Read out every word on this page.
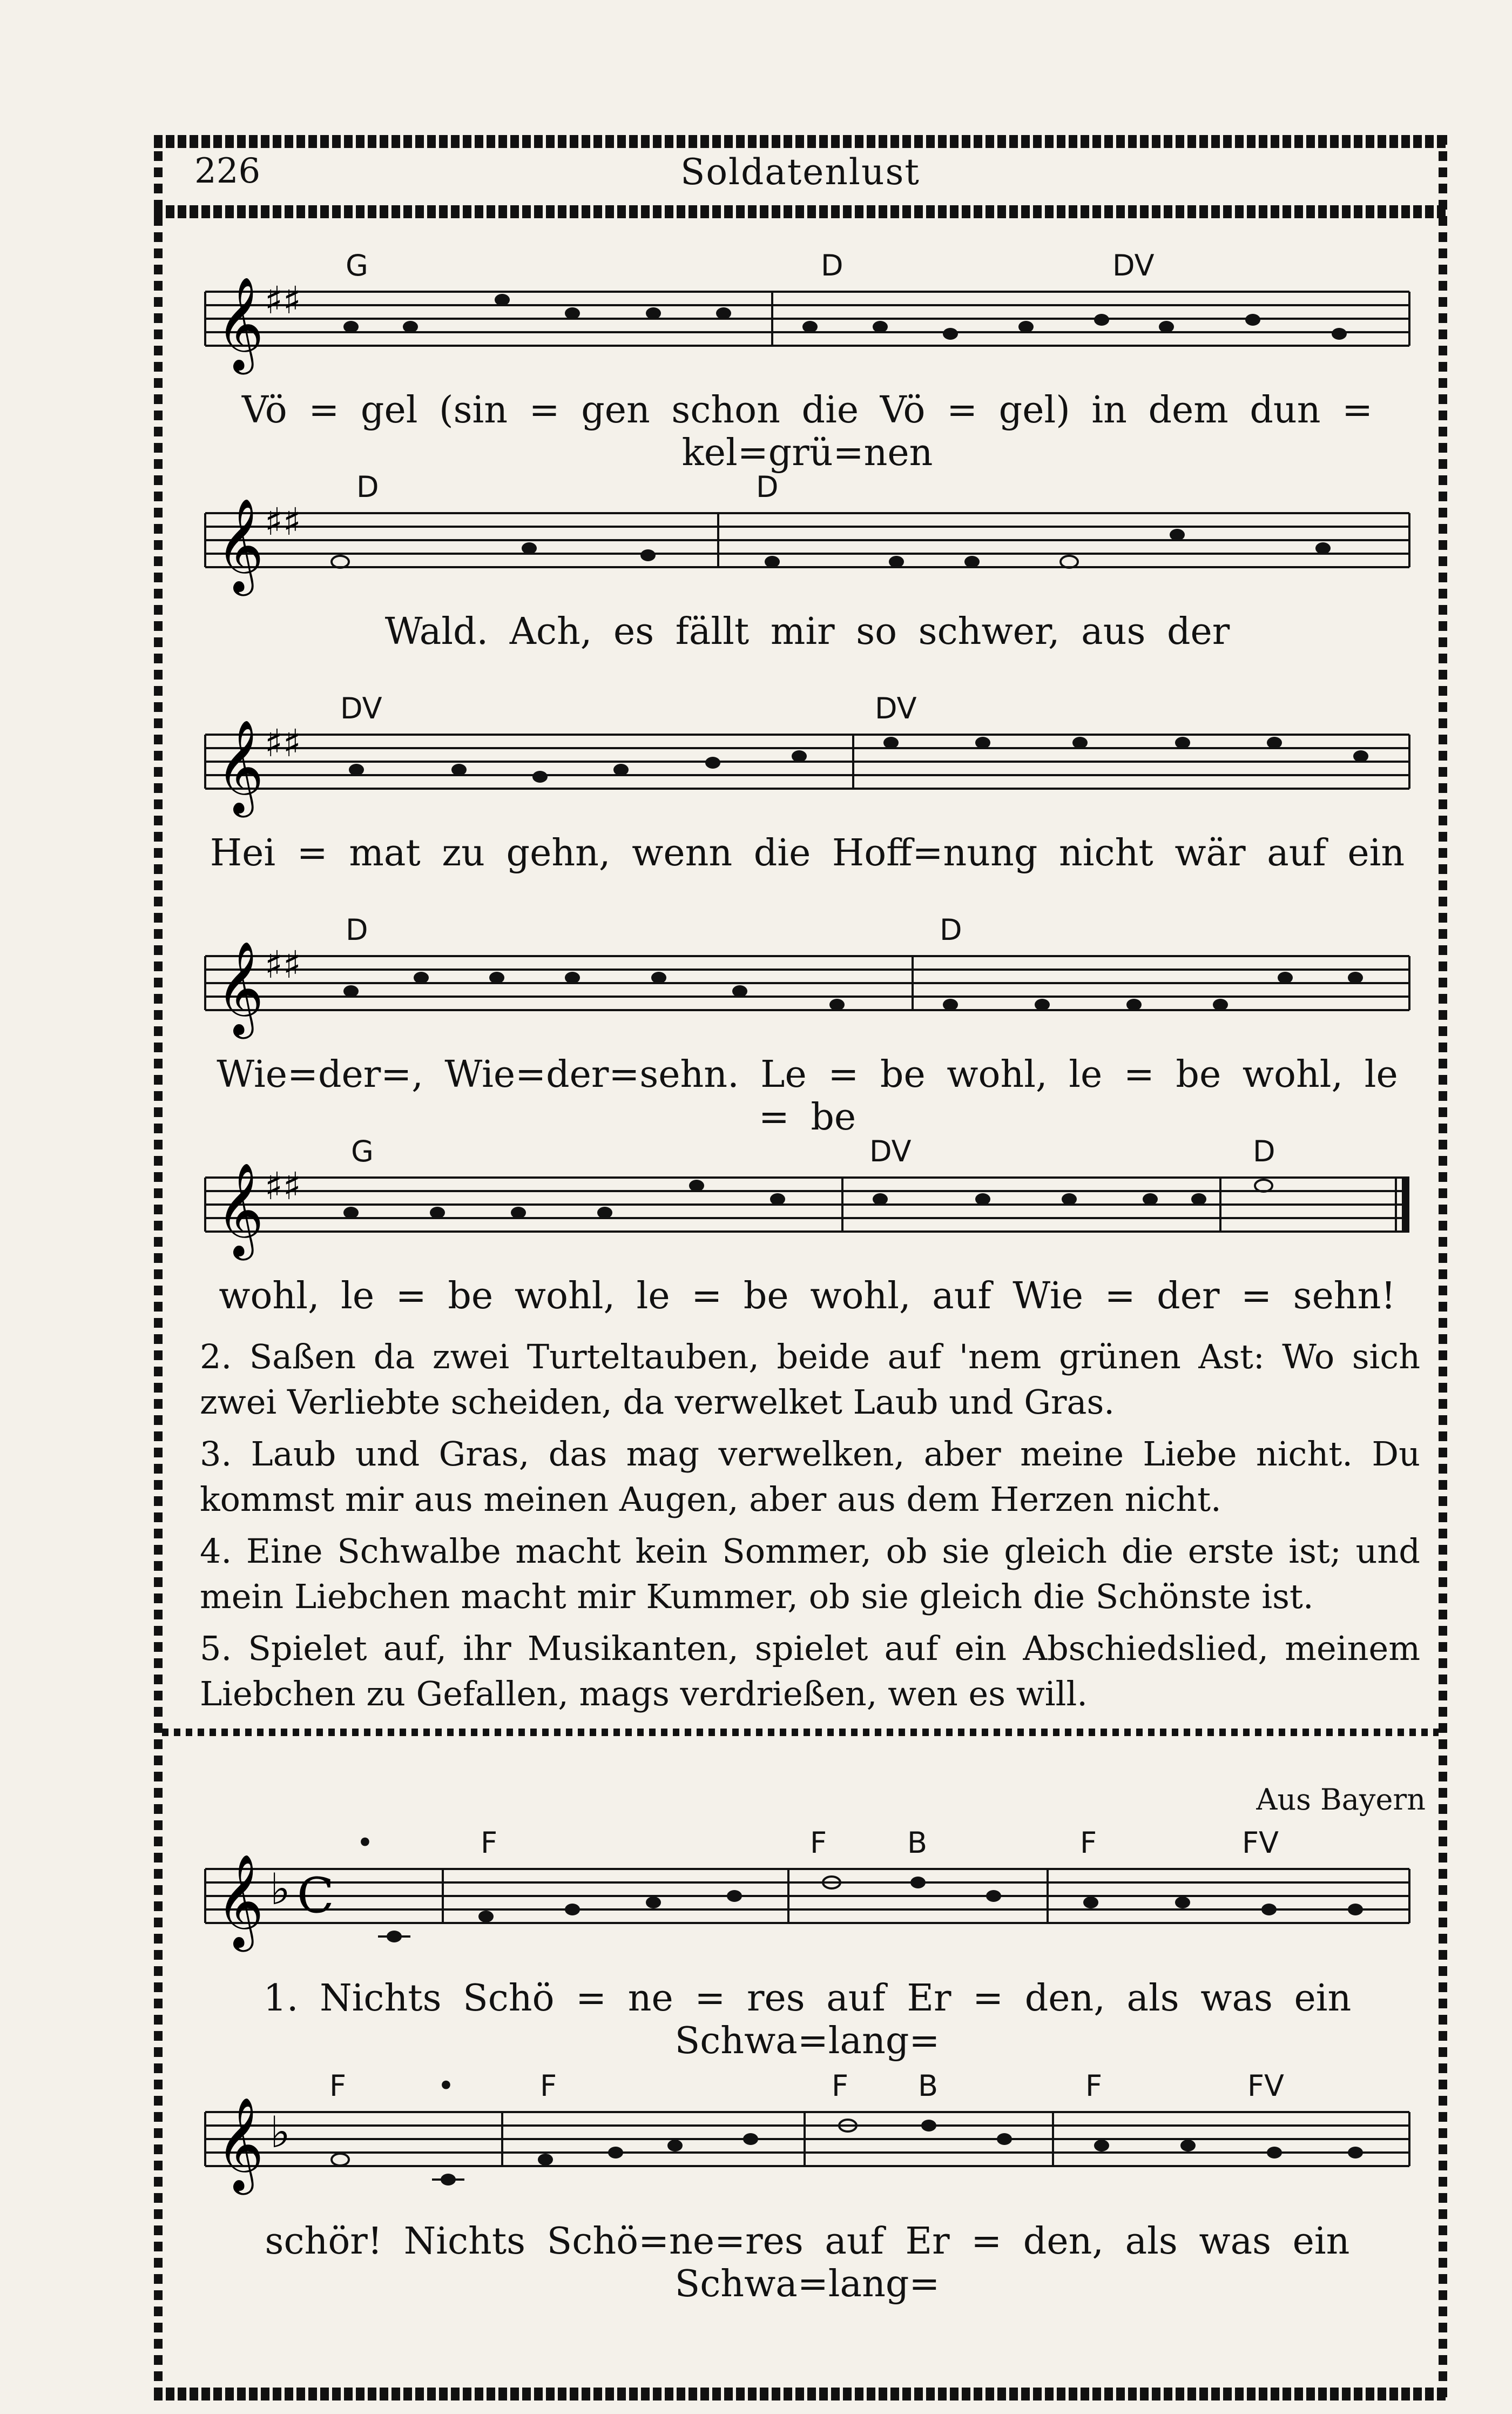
226	Soldatenlust
𝄞 ♯♯
G	D	DV
Vö = gel (sin = gen schon die Vö = gel) in dem dun = kel=grü=nen
𝄞 ♯♯
D	D
Wald. Ach, es fällt mir so schwer, aus der
𝄞 ♯♯
DV	DV
Hei = mat zu gehn, wenn die Hoff=nung nicht wär auf ein
𝄞 ♯♯
D	D
Wie=der=, Wie=der=sehn. Le = be wohl, le = be wohl, le = be
𝄞 ♯♯
G	DV	D
wohl, le = be wohl, le = be wohl, auf Wie = der = sehn!

2. Saßen da zwei Turteltauben, beide auf 'nem grünen Ast: Wo sich zwei Verliebte scheiden, da verwelket Laub und Gras.

3. Laub und Gras, das mag verwelken, aber meine Liebe nicht. Du kommst mir aus meinen Augen, aber aus dem Herzen nicht.

4. Eine Schwalbe macht kein Sommer, ob sie gleich die erste ist; und mein Liebchen macht mir Kummer, ob sie gleich die Schönste ist.

5. Spielet auf, ihr Musikanten, spielet auf ein Abschiedslied, meinem Liebchen zu Gefallen, mags verdrießen, wen es will.

Aus Bayern
𝄞 ♭ C
•	F	F	B	F	FV
1. Nichts Schö = ne = res auf Er = den, als was ein Schwa=lang=
𝄞 ♭
F	•	F	F B	F	FV
schör! Nichts Schö=ne=res auf Er = den, als was ein Schwa=lang=
